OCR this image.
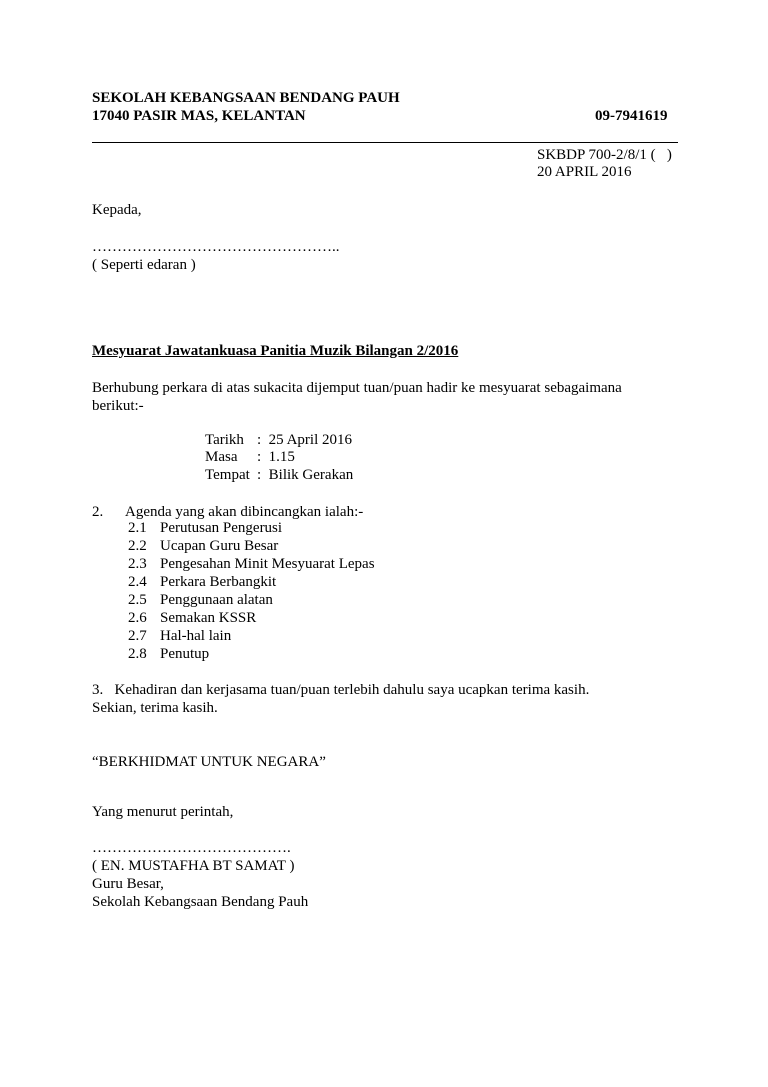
SEKOLAH KEBANGSAAN BENDANG PAUH
17040 PASIR MAS, KELANTAN	09-7941619
SKBDP 700-2/8/1 (   )
20 APRIL 2016
Kepada,
…………………………………………..
( Seperti edaran )
Mesyuarat Jawatankuasa Panitia Muzik Bilangan 2/2016
Berhubung perkara di atas sukacita dijemput tuan/puan hadir ke mesyuarat sebagaimana
berikut:-
Tarikh :  25 April 2016
Masa :  1.15
Tempat :  Bilik Gerakan
2. Agenda yang akan dibincangkan ialah:-
2.1 Perutusan Pengerusi
2.2 Ucapan Guru Besar
2.3 Pengesahan Minit Mesyuarat Lepas
2.4 Perkara Berbangkit
2.5 Penggunaan alatan
2.6 Semakan KSSR
2.7 Hal-hal lain
2.8 Penutup
3.   Kehadiran dan kerjasama tuan/puan terlebih dahulu saya ucapkan terima kasih.
Sekian, terima kasih.
“BERKHIDMAT UNTUK NEGARA”
Yang menurut perintah,
………………………………….
( EN. MUSTAFHA BT SAMAT )
Guru Besar,
Sekolah Kebangsaan Bendang Pauh
